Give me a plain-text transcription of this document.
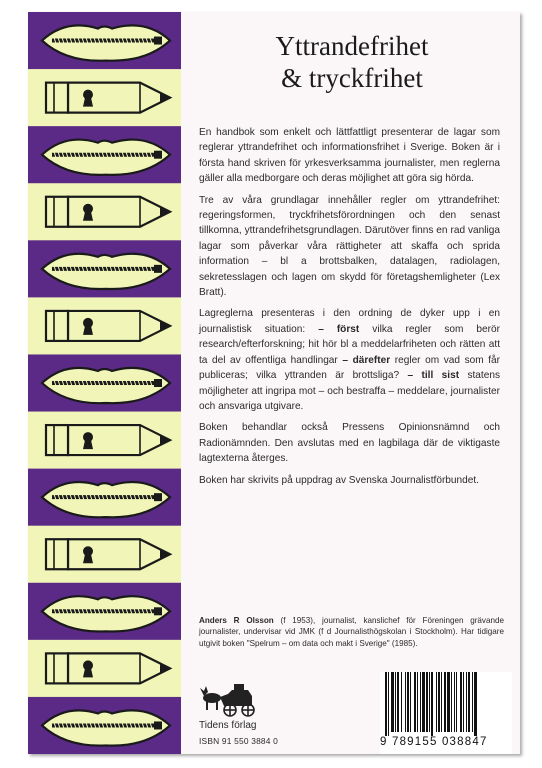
Yttrandefrihet
& tryckfrihet

En handbok som enkelt och lättfattligt presenterar de lagar som reglerar yttrandefrihet och informationsfrihet i Sverige. Boken är i första hand skriven för yrkesverksamma journalister, men reglerna gäller alla medborgare och deras möjlighet att göra sig hörda.

Tre av våra grundlagar innehåller regler om yttrandefrihet: regeringsformen, tryckfrihetsförordningen och den senast tillkomna, yttrandefrihetsgrundlagen. Därutöver finns en rad vanliga lagar som påverkar våra rättigheter att skaffa och sprida information – bl a brottsbalken, datalagen, radiolagen, sekretesslagen och lagen om skydd för företagshemligheter (Lex Bratt).

Lagreglerna presenteras i den ordning de dyker upp i en journalistisk situation: – först vilka regler som berör research/efterforskning; hit hör bl a meddelarfriheten och rätten att ta del av offentliga handlingar – därefter regler om vad som får publiceras; vilka yttranden är brottsliga? – till sist statens möjligheter att ingripa mot – och bestraffa – meddelare, journalister och ansvariga utgivare.

Boken behandlar också Pressens Opinionsnämnd och Radionämnden. Den avslutas med en lagbilaga där de viktigaste lagtexterna återges.

Boken har skrivits på uppdrag av Svenska Journalistförbundet.

Anders R Olsson (f 1953), journalist, kanslichef för Föreningen grävande journalister, undervisar vid JMK (f d Journalisthögskolan i Stockholm). Har tidigare utgivit boken "Spelrum – om data och makt i Sverige" (1985).
Tidens förlag
ISBN 91 550 3884 0	9 789155 038847
